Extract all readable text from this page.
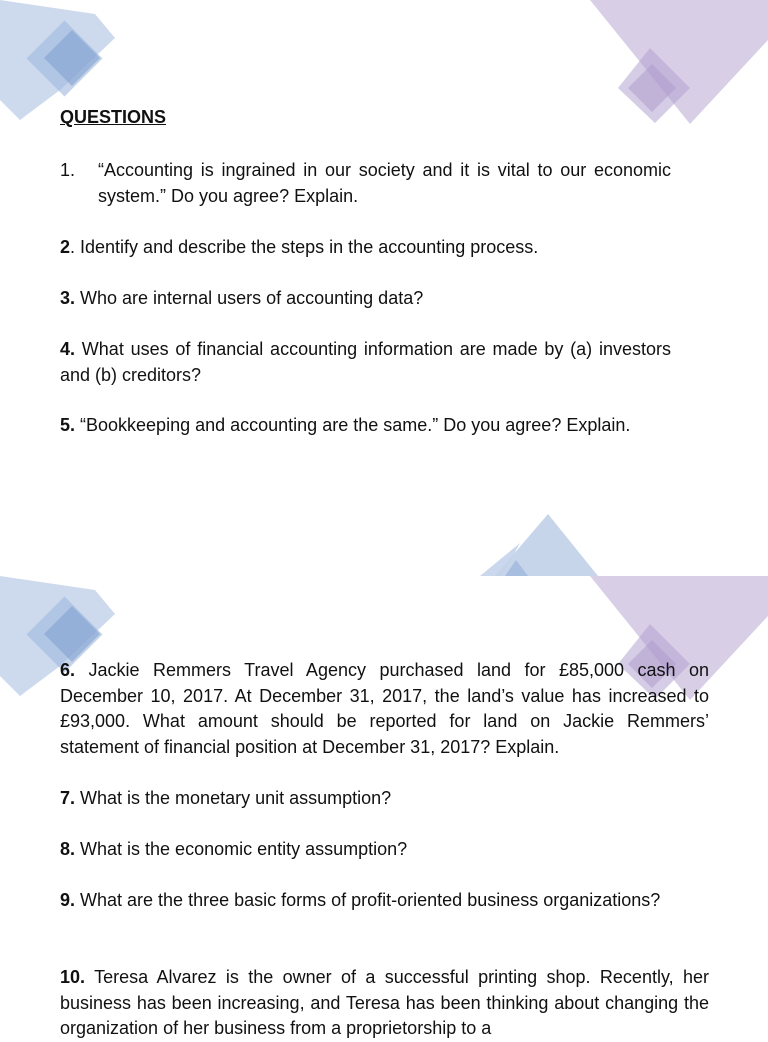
QUESTIONS
1. “Accounting is ingrained in our society and it is vital to our economic system.” Do you agree? Explain.

2. Identify and describe the steps in the accounting process.

3. Who are internal users of accounting data?

4. What uses of financial accounting information are made by (a) investors and (b) creditors?

5. “Bookkeeping and accounting are the same.” Do you agree? Explain.

6. Jackie Remmers Travel Agency purchased land for £85,000 cash on December 10, 2017. At December 31, 2017, the land’s value has increased to £93,000. What amount should be reported for land on Jackie Remmers’ statement of financial position at December 31, 2017? Explain.

7. What is the monetary unit assumption?

8. What is the economic entity assumption?

9. What are the three basic forms of profit-oriented business organizations?

10. Teresa Alvarez is the owner of a successful printing shop. Recently, her business has been increasing, and Teresa has been thinking about changing the organization of her business from a proprietorship to a
